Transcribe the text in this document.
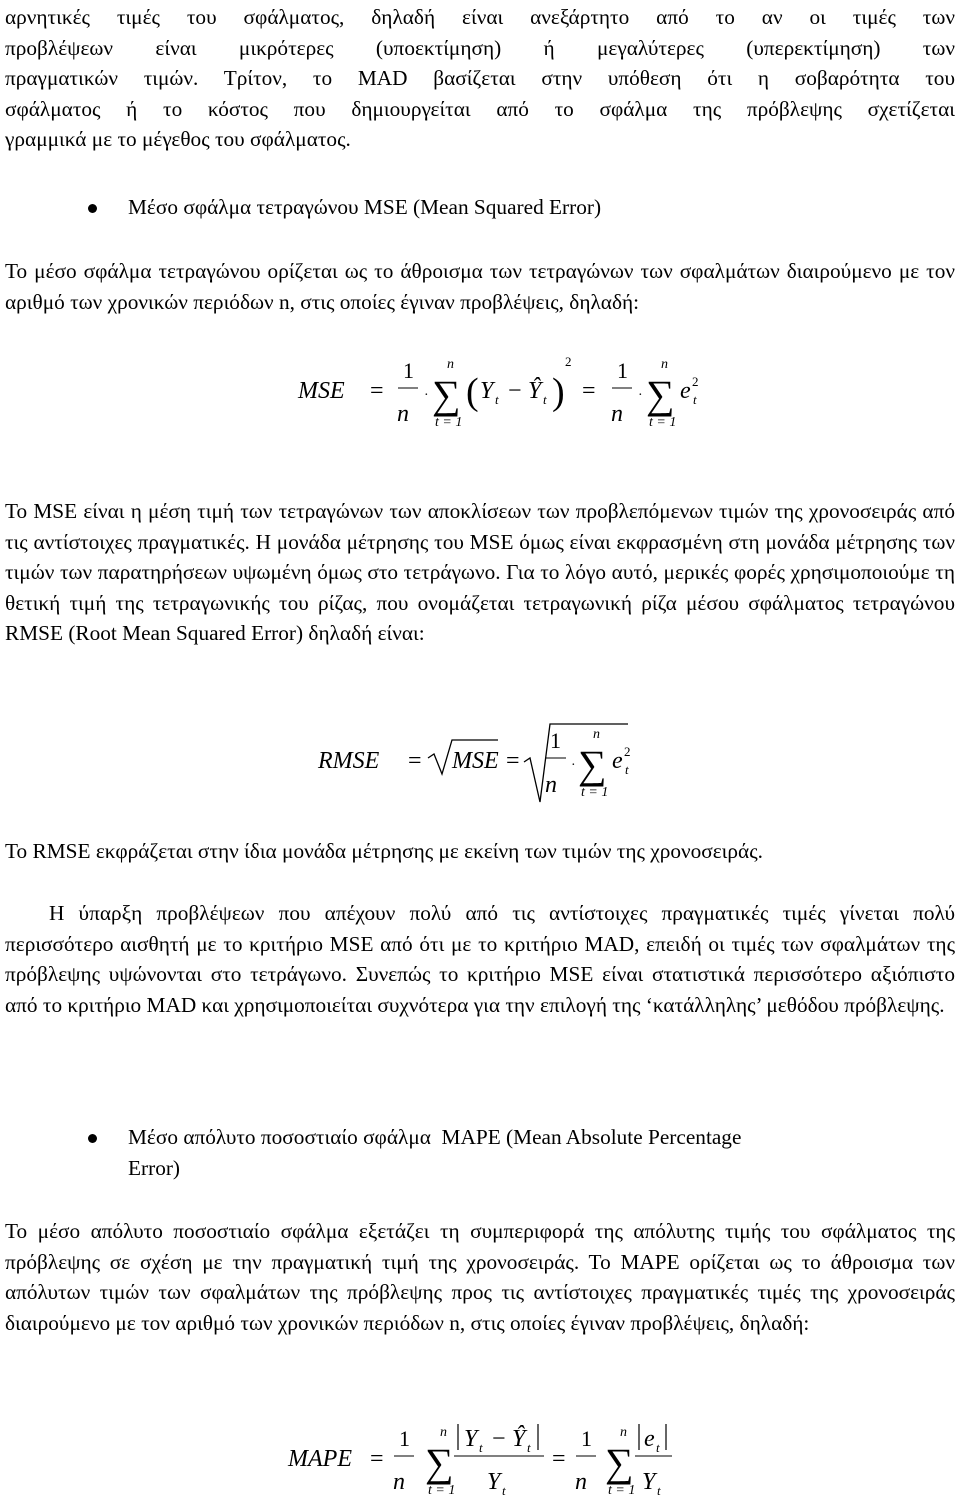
αρνητικές τιμές του σφάλματος, δηλαδή είναι ανεξάρτητο από το αν οι τιμές των
προβλέψεων είναι μικρότερες (υποεκτίμηση) ή μεγαλύτερες (υπερεκτίμηση) των
πραγματικών τιμών. Τρίτον, το MAD βασίζεται στην υπόθεση ότι η σοβαρότητα του
σφάλματος ή το κόστος που δημιουργείται από το σφάλμα της πρόβλεψης σχετίζεται
γραμμικά με το μέγεθος του σφάλματος.
Μέσο σφάλμα τετραγώνου MSE (Mean Squared Error)

Το μέσο σφάλμα τετραγώνου ορίζεται ως το άθροισμα των τετραγώνων των σφαλμάτων διαιρούμενο με τον αριθμό των χρονικών περιόδων n, στις οποίες έγιναν προβλέψεις, δηλαδή:

MSE =
1
n
·
n
∑
t = 1
( Y t − Ŷ t )
2
=
1
n
·
n
∑
t = 1
e 2
t

Το MSE είναι η μέση τιμή των τετραγώνων των αποκλίσεων των προβλεπόμενων τιμών της χρονοσειράς από τις αντίστοιχες πραγματικές. Η μονάδα μέτρησης του MSE όμως είναι εκφρασμένη στη μονάδα μέτρησης των τιμών των παρατηρήσεων υψωμένη όμως στο τετράγωνο. Για το λόγο αυτό, μερικές φορές χρησιμοποιούμε τη θετική τιμή της τετραγωνικής του ρίζας, που ονομάζεται τετραγωνική ρίζα μέσου σφάλματος τετραγώνου RMSE (Root Mean Squared Error) δηλαδή είναι:

RMSE = MSE =
1
n
·
n
∑
t = 1
e 2
t

Το RMSE εκφράζεται στην ίδια μονάδα μέτρησης με εκείνη των τιμών της χρονοσειράς.

Η ύπαρξη προβλέψεων που απέχουν πολύ από τις αντίστοιχες πραγματικές τιμές γίνεται πολύ περισσότερο αισθητή με το κριτήριο MSE από ότι με το κριτήριο MAD, επειδή οι τιμές των σφαλμάτων της πρόβλεψης υψώνονται στο τετράγωνο. Συνεπώς το κριτήριο MSE είναι στατιστικά περισσότερο αξιόπιστο από το κριτήριο MAD και χρησιμοποιείται συχνότερα για την επιλογή της ‘κατάλληλης’ μεθόδου πρόβλεψης.

Μέσο απόλυτο ποσοστιαίο σφάλμα  MAPE (Mean Absolute Percentage
Error)

Το μέσο απόλυτο ποσοστιαίο σφάλμα εξετάζει τη συμπεριφορά της απόλυτης τιμής του σφάλματος της πρόβλεψης σε σχέση με την πραγματική τιμή της χρονοσειράς. Το MAPE ορίζεται ως το άθροισμα των απόλυτων τιμών των σφαλμάτων της πρόβλεψης προς τις αντίστοιχες πραγματικές τιμές της χρονοσειράς διαιρούμενο με τον αριθμό των χρονικών περιόδων n, στις οποίες έγιναν προβλέψεις, δηλαδή:

MAPE =
1
n
n
∑
t = 1
Y t − Ŷ t
Y t
=
1
n
n
∑
t = 1
e t
Y t
